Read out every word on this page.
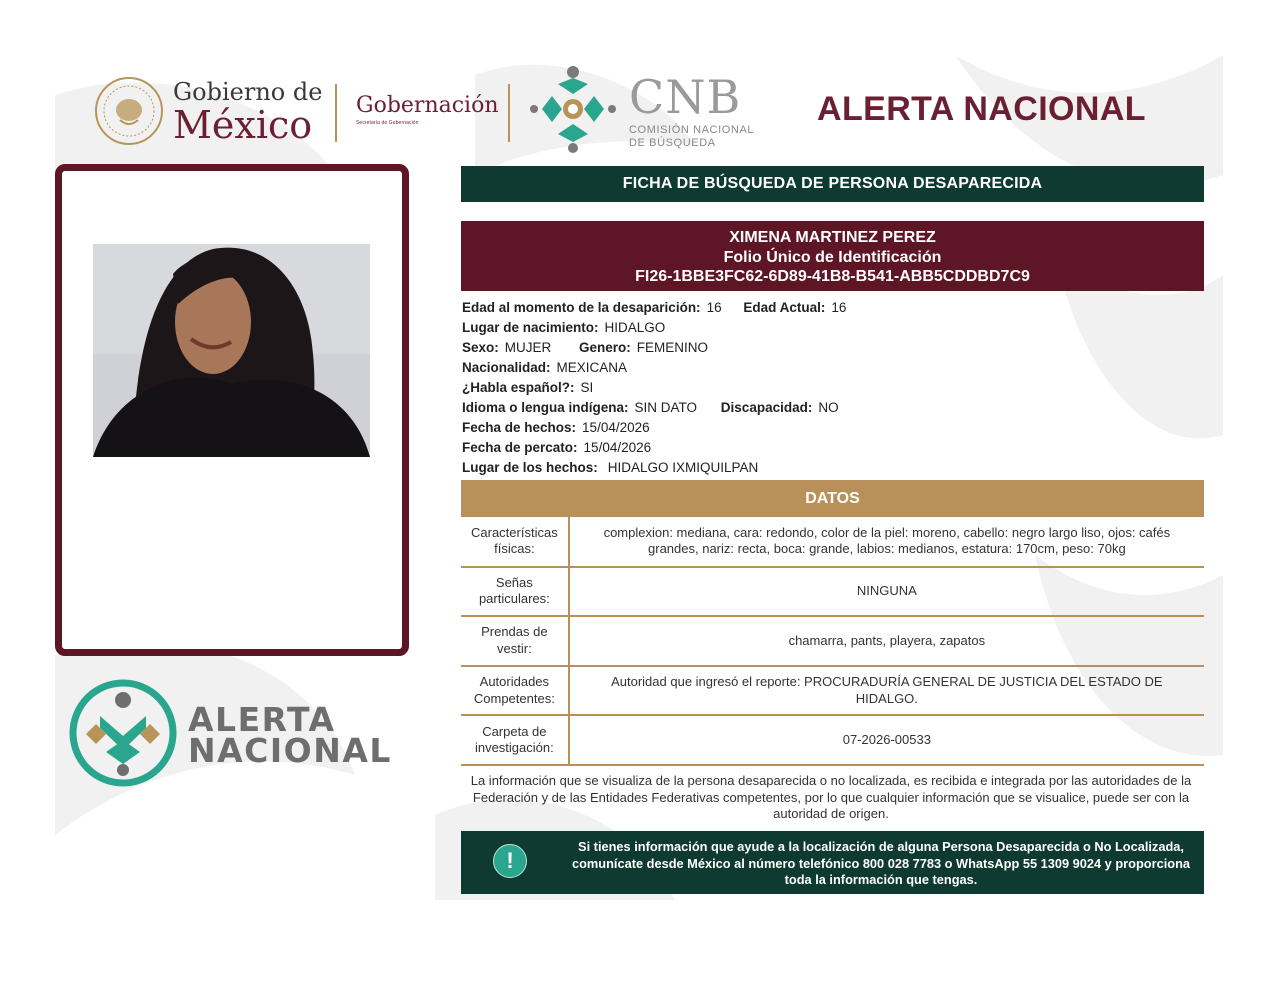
Gobierno de
México	Gobernación
Secretaría de Gobernación	CNB
COMISIÓN NACIONAL
DE BÚSQUEDA
ALERTA NACIONAL
ALERTA
NACIONAL
FICHA DE BÚSQUEDA DE PERSONA DESAPARECIDA
XIMENA MARTINEZ PEREZ
Folio Único de Identificación
FI26-1BBE3FC62-6D89-41B8-B541-ABB5CDDBD7C9
Edad al momento de la desaparición: 16 Edad Actual: 16
Lugar de nacimiento: HIDALGO
Sexo: MUJER Genero: FEMENINO
Nacionalidad: MEXICANA
¿Habla español?: SI
Idioma o lengua indígena: SIN DATO Discapacidad: NO
Fecha de hechos: 15/04/2026
Fecha de percato: 15/04/2026
Lugar de los hechos: HIDALGO IXMIQUILPAN
DATOS
Características físicas:	complexion: mediana, cara: redondo, color de la piel: moreno, cabello: negro largo liso, ojos: cafés grandes, nariz: recta, boca: grande, labios: medianos, estatura: 170cm, peso: 70kg
Señas particulares:	NINGUNA
Prendas de vestir:	chamarra, pants, playera, zapatos
Autoridades Competentes:	Autoridad que ingresó el reporte: PROCURADURÍA GENERAL DE JUSTICIA DEL ESTADO DE HIDALGO.
Carpeta de investigación:	07-2026-00533
La información que se visualiza de la persona desaparecida o no localizada, es recibida e integrada por las autoridades de la Federación y de las Entidades Federativas competentes, por lo que cualquier información que se visualice, puede ser con la autoridad de origen.
!
Si tienes información que ayude a la localización de alguna Persona Desaparecida o No Localizada, comunícate desde México al número telefónico 800 028 7783 o WhatsApp 55 1309 9024 y proporciona toda la información que tengas.
